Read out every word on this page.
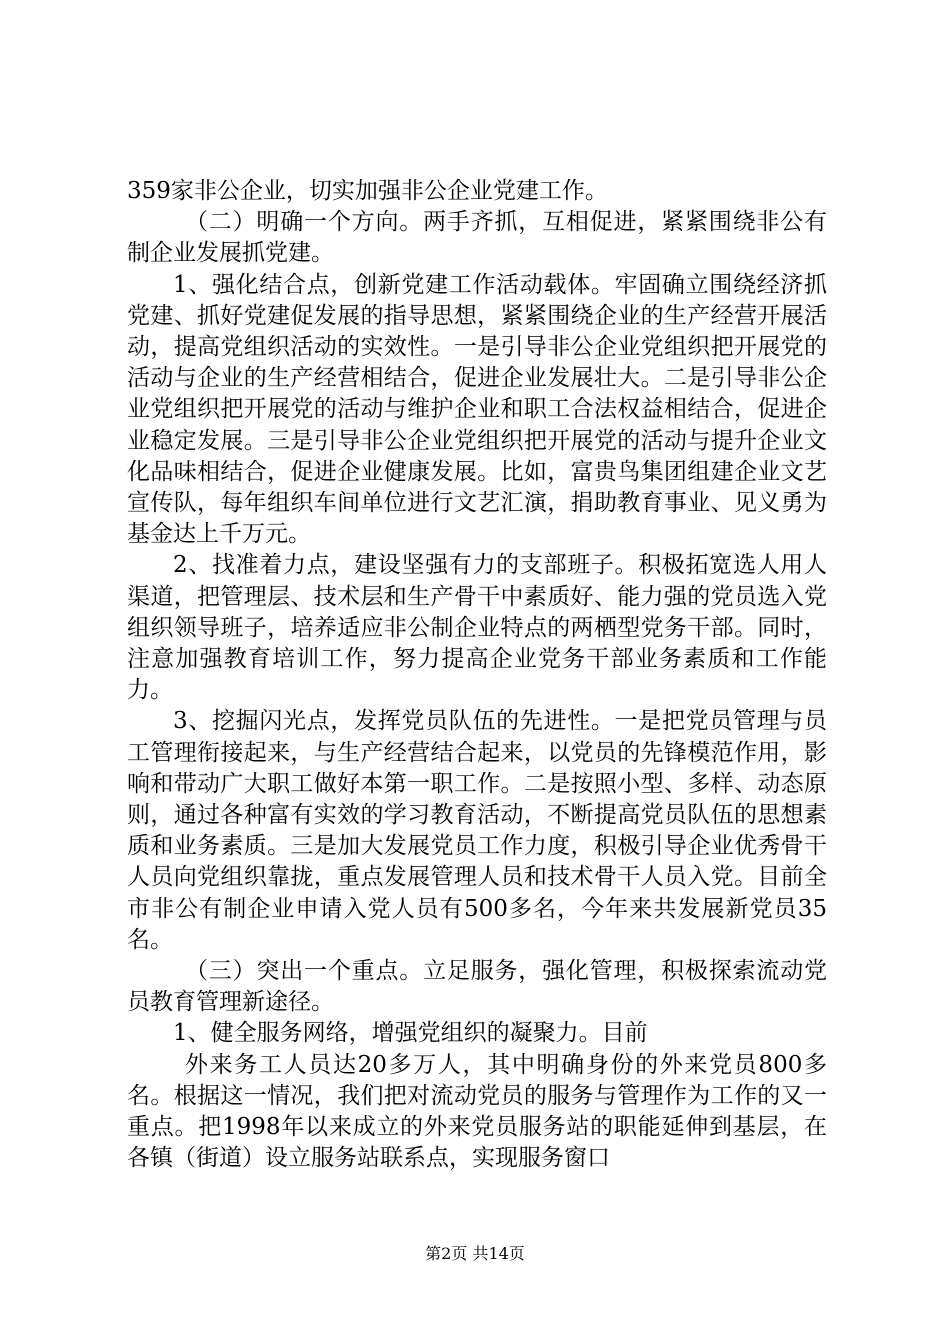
359家非公企业，切实加强非公企业党建工作。

（二）明确一个方向。两手齐抓，互相促进，紧紧围绕非公有制企业发展抓党建。

1、强化结合点，创新党建工作活动载体。牢固确立围绕经济抓党建、抓好党建促发展的指导思想，紧紧围绕企业的生产经营开展活动，提高党组织活动的实效性。一是引导非公企业党组织把开展党的活动与企业的生产经营相结合，促进企业发展壮大。二是引导非公企业党组织把开展党的活动与维护企业和职工合法权益相结合，促进企业稳定发展。三是引导非公企业党组织把开展党的活动与提升企业文化品味相结合，促进企业健康发展。比如，富贵鸟集团组建企业文艺宣传队，每年组织车间单位进行文艺汇演，捐助教育事业、见义勇为基金达上千万元。

2、找准着力点，建设坚强有力的支部班子。积极拓宽选人用人渠道，把管理层、技术层和生产骨干中素质好、能力强的党员选入党组织领导班子，培养适应非公制企业特点的两栖型党务干部。同时，注意加强教育培训工作，努力提高企业党务干部业务素质和工作能力。

3、挖掘闪光点，发挥党员队伍的先进性。一是把党员管理与员工管理衔接起来，与生产经营结合起来，以党员的先锋模范作用，影响和带动广大职工做好本第一职工作。二是按照小型、多样、动态原则，通过各种富有实效的学习教育活动，不断提高党员队伍的思想素质和业务素质。三是加大发展党员工作力度，积极引导企业优秀骨干人员向党组织靠拢，重点发展管理人员和技术骨干人员入党。目前全市非公有制企业申请入党人员有500多名，今年来共发展新党员35名。

（三）突出一个重点。立足服务，强化管理，积极探索流动党员教育管理新途径。

1、健全服务网络，增强党组织的凝聚力。目前

外来务工人员达20多万人，其中明确身份的外来党员800多名。根据这一情况，我们把对流动党员的服务与管理作为工作的又一重点。把1998年以来成立的外来党员服务站的职能延伸到基层，在各镇（街道）设立服务站联系点，实现服务窗口

第2页 共14页
